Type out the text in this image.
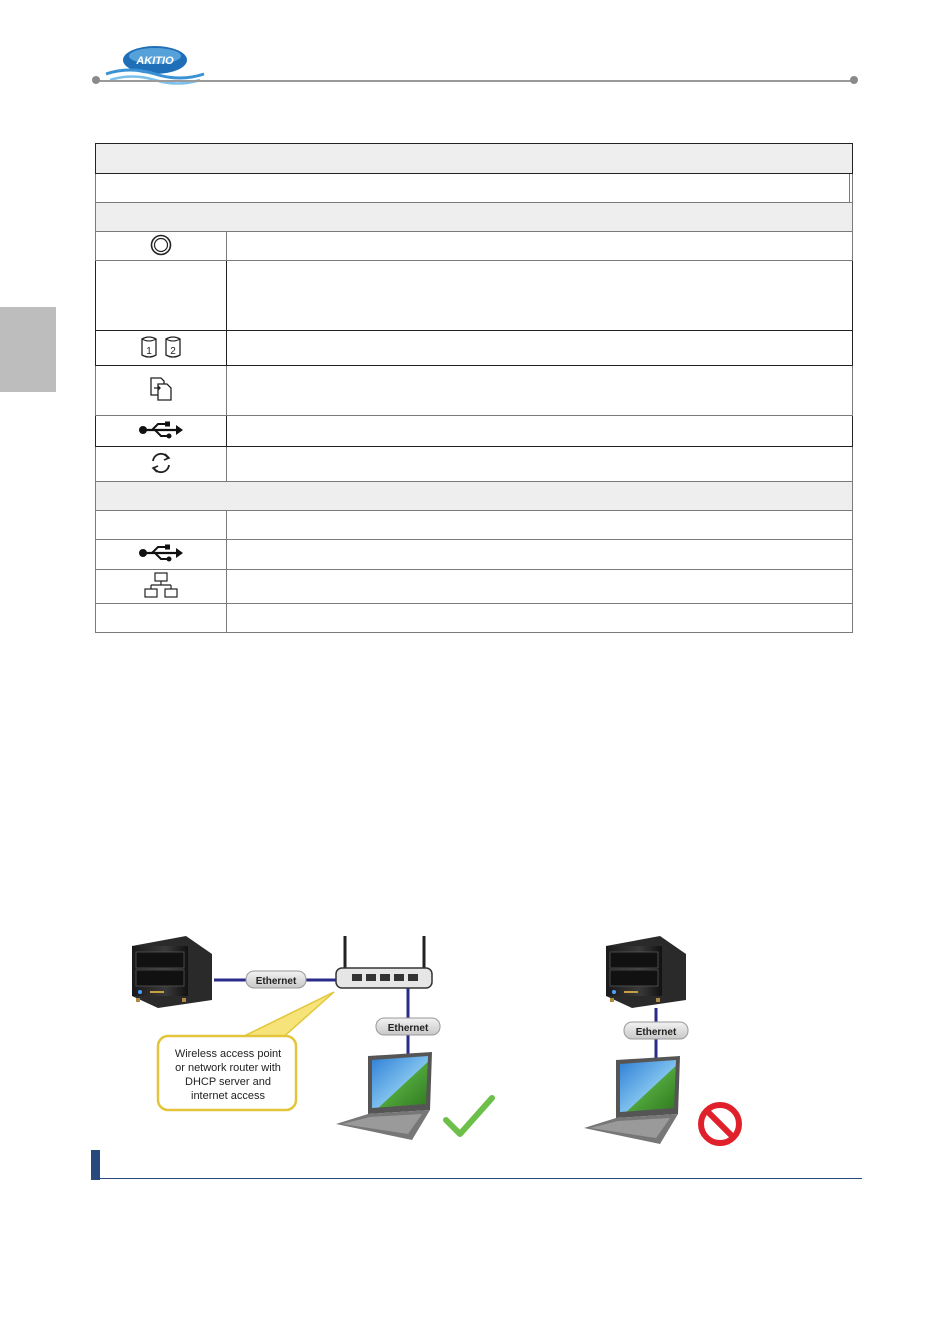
AKITIO

1 2		

Ethernet
Ethernet	Ethernet
Wireless access point
or network router with
DHCP server and
internet access
